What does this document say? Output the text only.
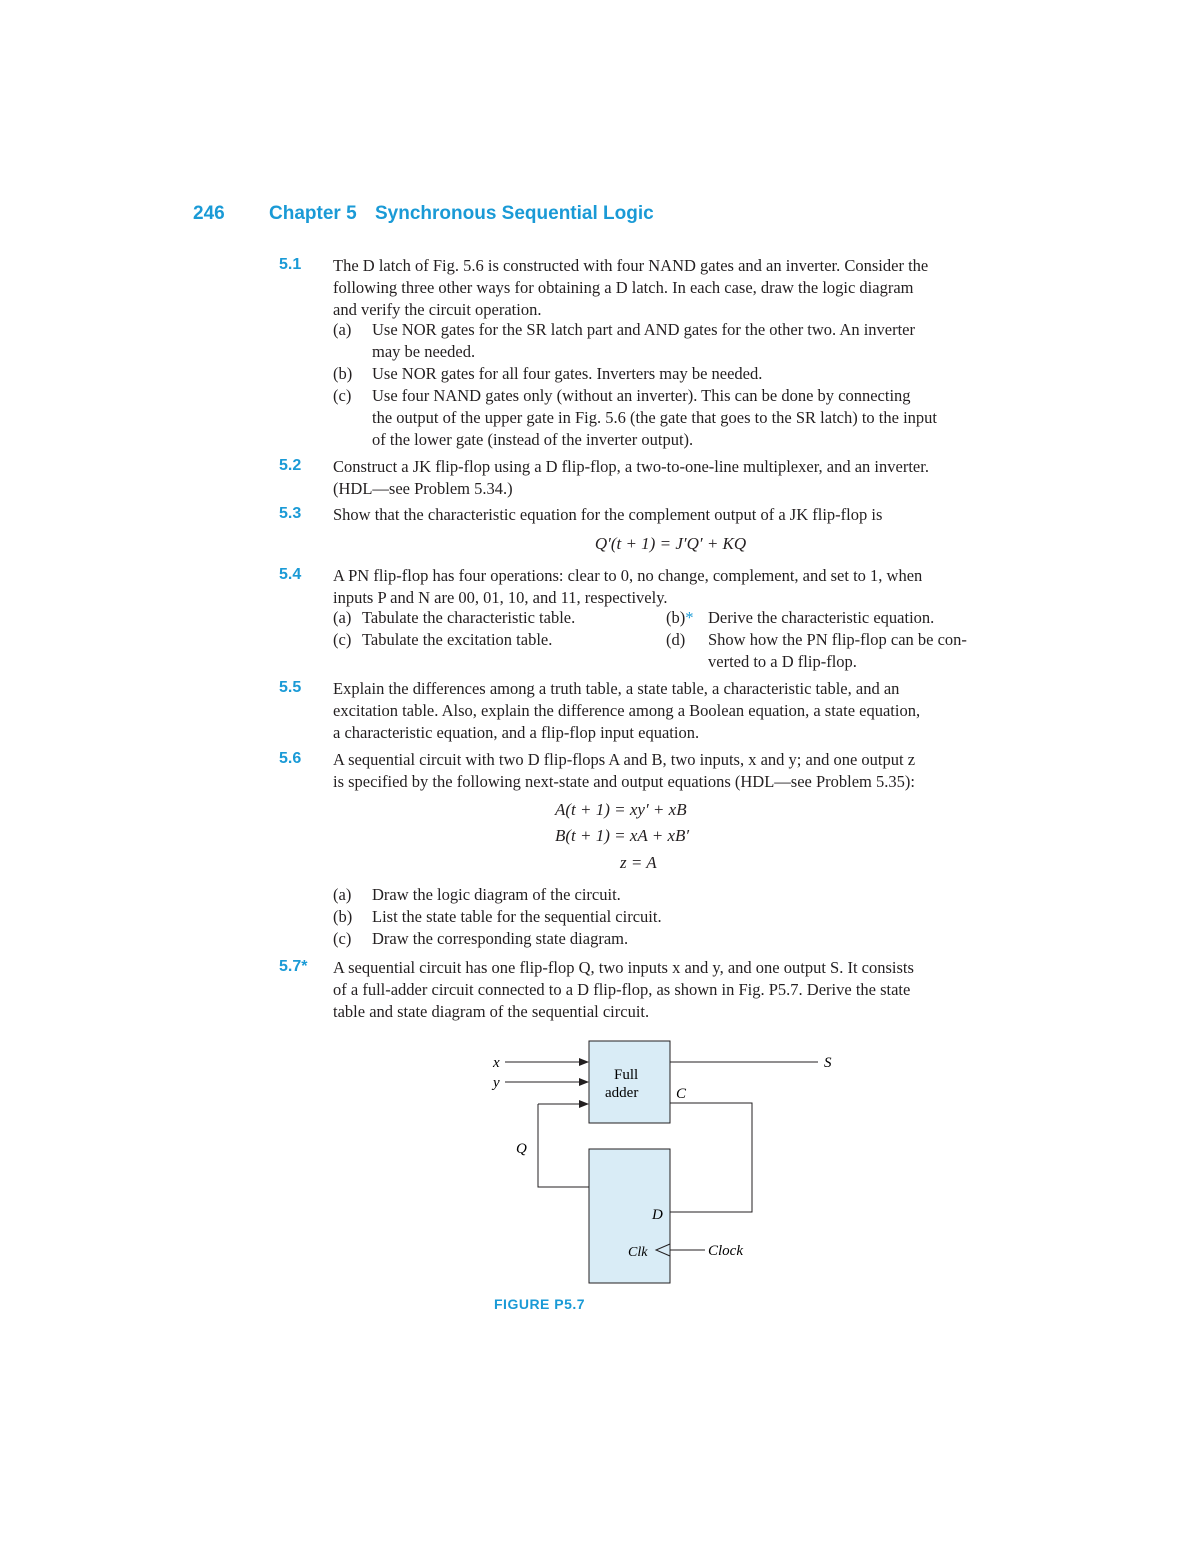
246 Chapter 5 Synchronous Sequential Logic
5.1 The D latch of Fig. 5.6 is constructed with four NAND gates and an inverter. Consider the
following three other ways for obtaining a D latch. In each case, draw the logic diagram
and verify the circuit operation.
(a) Use NOR gates for the SR latch part and AND gates for the other two. An inverter
may be needed.
(b) Use NOR gates for all four gates. Inverters may be needed.
(c) Use four NAND gates only (without an inverter). This can be done by connecting
the output of the upper gate in Fig. 5.6 (the gate that goes to the SR latch) to the input
of the lower gate (instead of the inverter output).
5.2 Construct a JK flip-flop using a D flip-flop, a two-to-one-line multiplexer, and an inverter.
(HDL—see Problem 5.34.)
5.3 Show that the characteristic equation for the complement output of a JK flip-flop is
Q′(t + 1) = J′Q′ + KQ
5.4 A PN flip-flop has four operations: clear to 0, no change, complement, and set to 1, when
inputs P and N are 00, 01, 10, and 11, respectively.
(a) Tabulate the characteristic table.	(b)* Derive the characteristic equation.
(c) Tabulate the excitation table.	(d) Show how the PN flip-flop can be con-
verted to a D flip-flop.
5.5 Explain the differences among a truth table, a state table, a characteristic table, and an
excitation table. Also, explain the difference among a Boolean equation, a state equation,
a characteristic equation, and a flip-flop input equation.
5.6 A sequential circuit with two D flip-flops A and B, two inputs, x and y; and one output z
is specified by the following next-state and output equations (HDL—see Problem 5.35):
A(t + 1) = xy′ + xB
B(t + 1) = xA + xB′
z = A
(a) Draw the logic diagram of the circuit.
(b) List the state table for the sequential circuit.
(c) Draw the corresponding state diagram.
5.7* A sequential circuit has one flip-flop Q, two inputs x and y, and one output S. It consists
of a full-adder circuit connected to a D flip-flop, as shown in Fig. P5.7. Derive the state
table and state diagram of the sequential circuit.
Full
adder	C
D
Clk	Clock
x
y
Q
S
FIGURE P5.7
